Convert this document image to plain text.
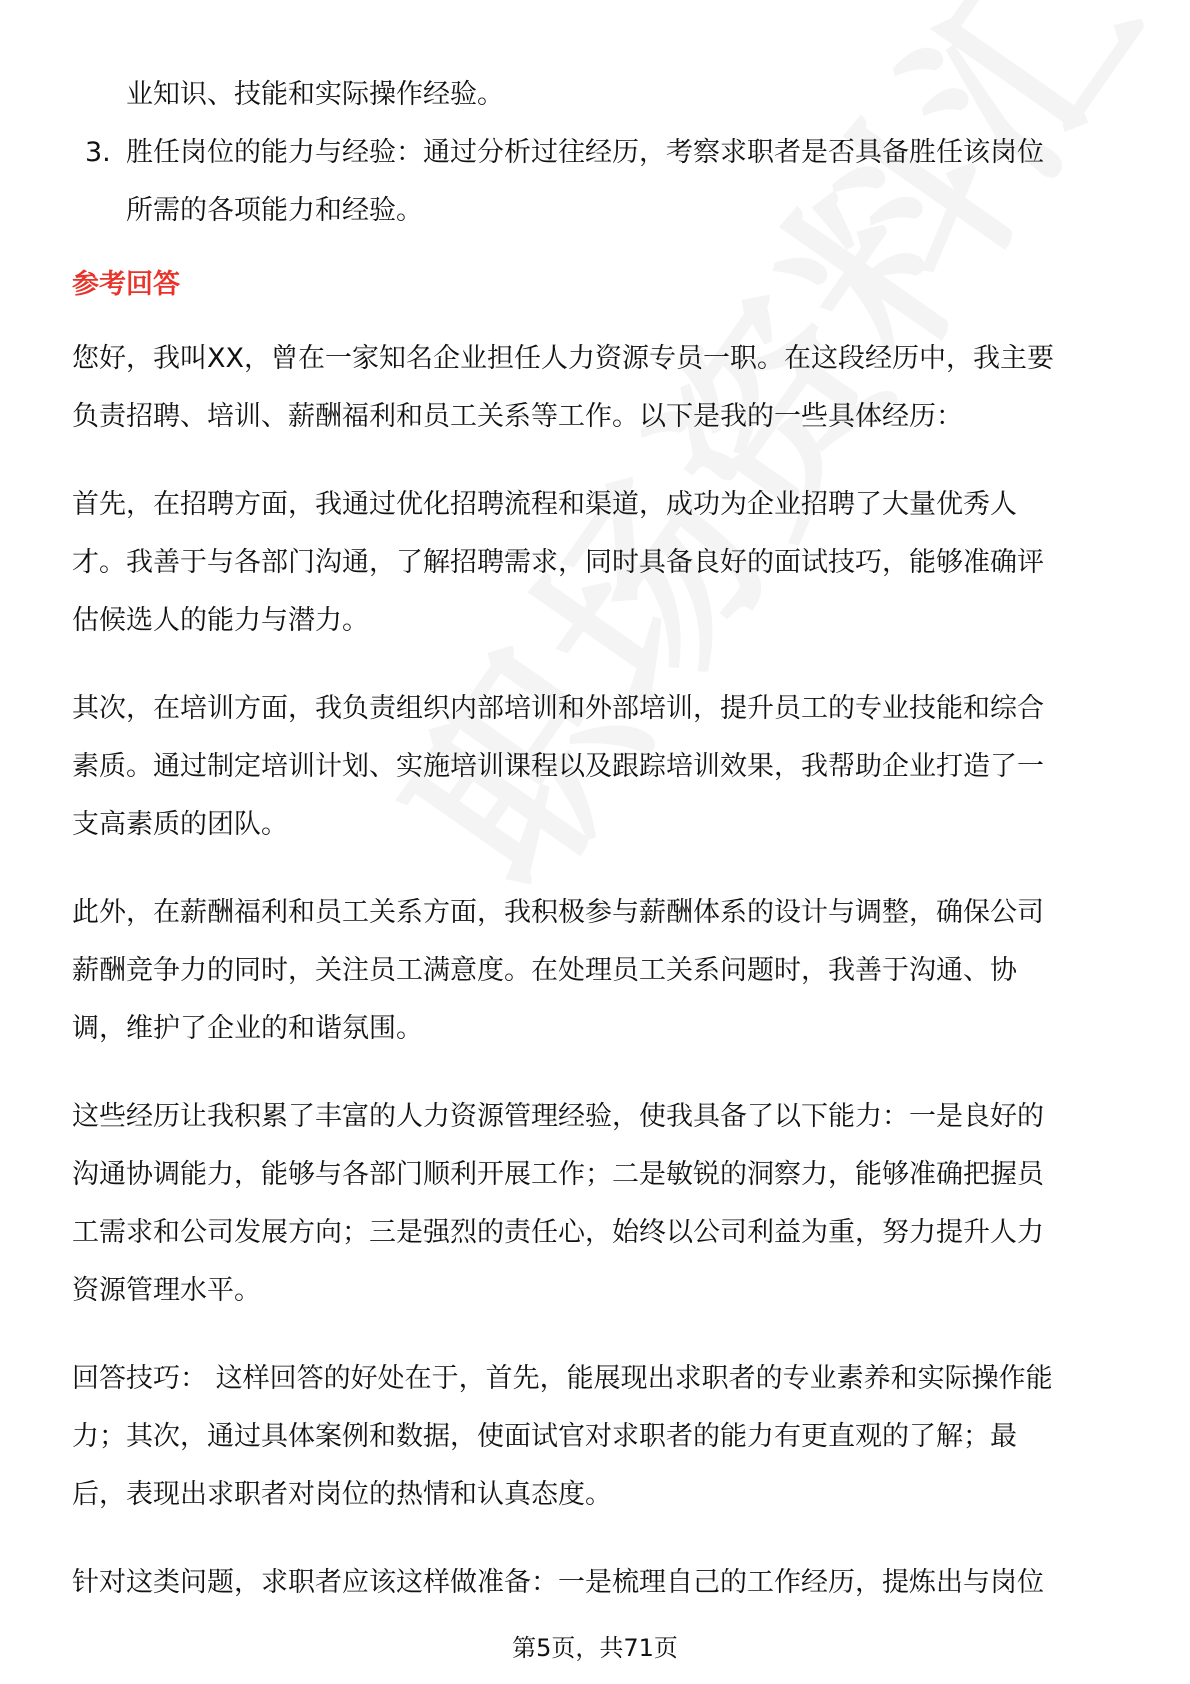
业知识、技能和实际操作经验。
3. 胜任岗位的能力与经验：通过分析过往经历，考察求职者是否具备胜任该岗位
所需的各项能力和经验。
参考回答
您好，我叫XX，曾在一家知名企业担任人力资源专员一职。在这段经历中，我主要
负责招聘、培训、薪酬福利和员工关系等工作。以下是我的一些具体经历：
首先，在招聘方面，我通过优化招聘流程和渠道，成功为企业招聘了大量优秀人
才。我善于与各部门沟通，了解招聘需求，同时具备良好的面试技巧，能够准确评
估候选人的能力与潜力。
其次，在培训方面，我负责组织内部培训和外部培训，提升员工的专业技能和综合
素质。通过制定培训计划、实施培训课程以及跟踪培训效果，我帮助企业打造了一
支高素质的团队。
此外，在薪酬福利和员工关系方面，我积极参与薪酬体系的设计与调整，确保公司
薪酬竞争力的同时，关注员工满意度。在处理员工关系问题时，我善于沟通、协
调，维护了企业的和谐氛围。
这些经历让我积累了丰富的人力资源管理经验，使我具备了以下能力：一是良好的
沟通协调能力，能够与各部门顺利开展工作；二是敏锐的洞察力，能够准确把握员
工需求和公司发展方向；三是强烈的责任心，始终以公司利益为重，努力提升人力
资源管理水平。
回答技巧： 这样回答的好处在于，首先，能展现出求职者的专业素养和实际操作能
力；其次，通过具体案例和数据，使面试官对求职者的能力有更直观的了解；最
后，表现出求职者对岗位的热情和认真态度。
针对这类问题，求职者应该这样做准备：一是梳理自己的工作经历，提炼出与岗位
第5页，共71页
